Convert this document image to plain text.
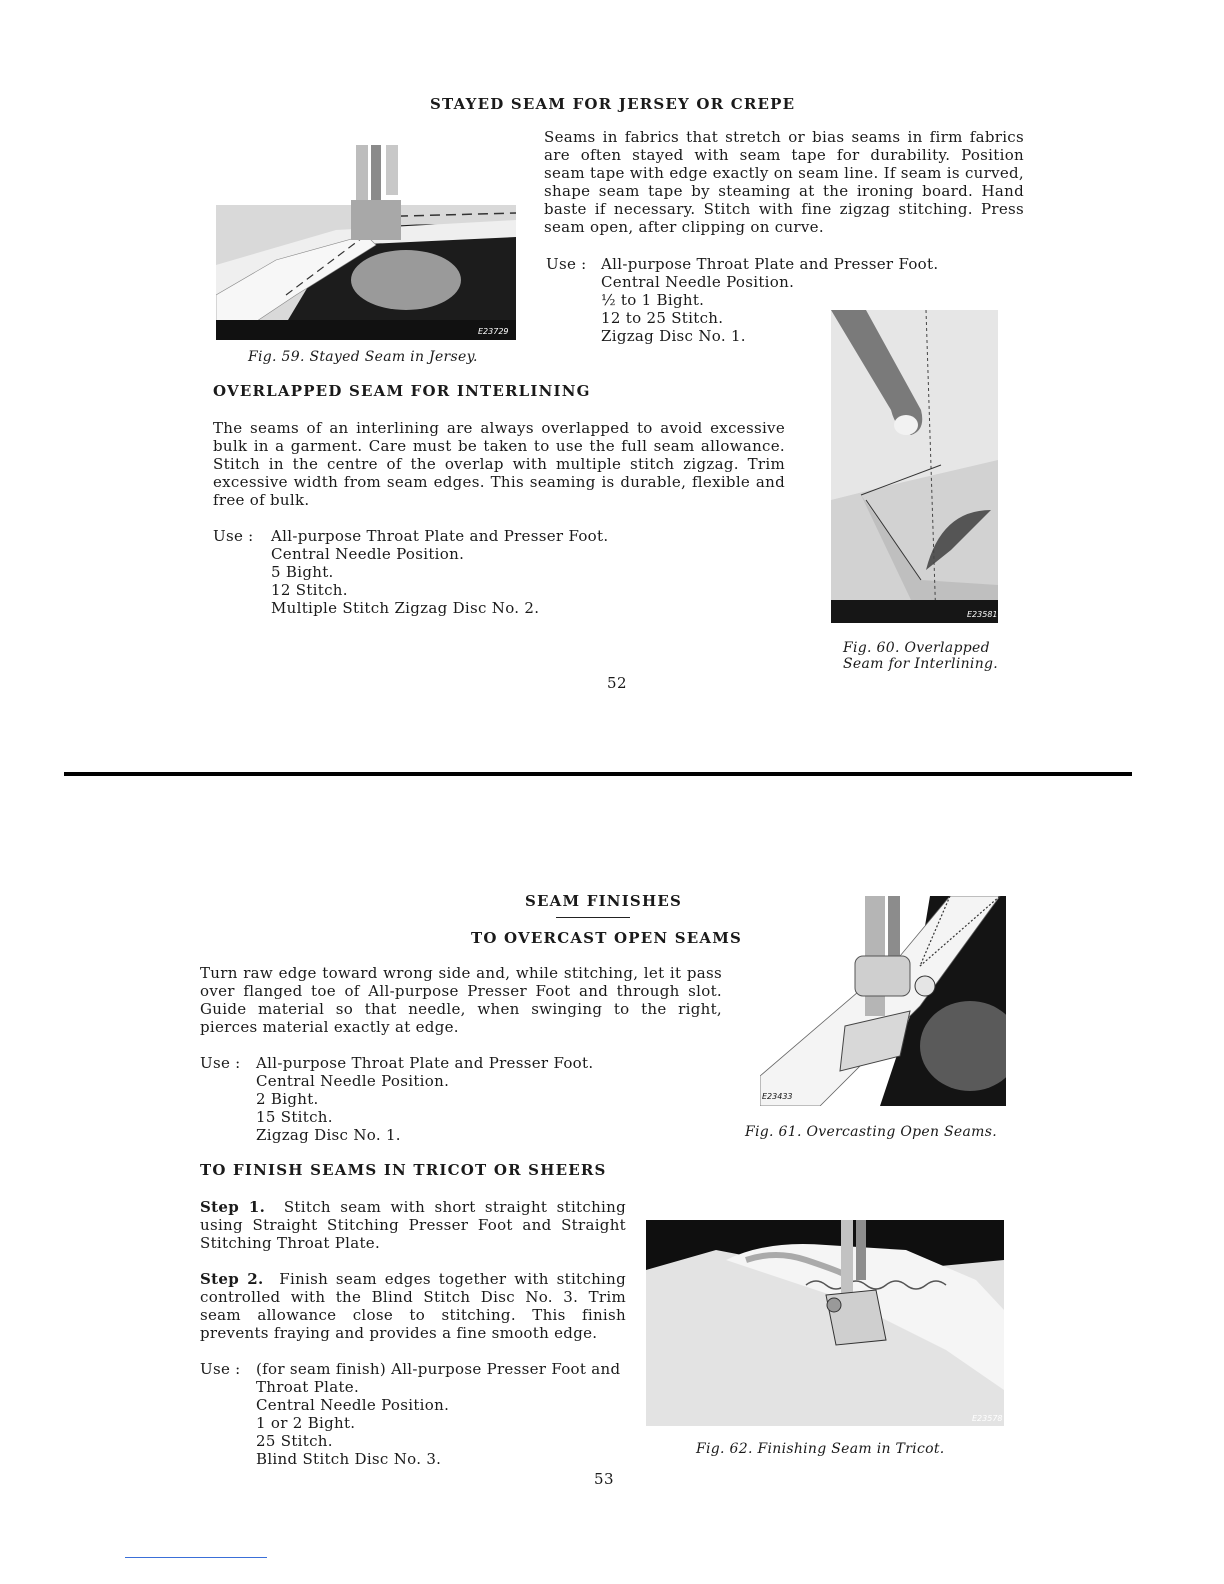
STAYED SEAM FOR JERSEY OR CREPE
E23729
Fig. 59. Stayed Seam in Jersey.
Seams in fabrics that stretch or bias seams in firm fabrics are often stayed with seam tape for durability. Position seam tape with edge exactly on seam line. If seam is curved, shape seam tape by steaming at the ironing board. Hand baste if necessary. Stitch with fine zigzag stitching. Press seam open, after clipping on curve.
Use : All-purpose Throat Plate and Presser Foot.
Central Needle Position.
½ to 1 Bight.
12 to 25 Stitch.
Zigzag Disc No. 1.
OVERLAPPED SEAM FOR INTERLINING
The seams of an interlining are always overlapped to avoid excessive bulk in a garment. Care must be taken to use the full seam allowance. Stitch in the centre of the overlap with multiple stitch zigzag. Trim excessive width from seam edges. This seaming is durable, flexible and free of bulk.
Use : All-purpose Throat Plate and Presser Foot.
Central Needle Position.
5 Bight.
12 Stitch.
Multiple Stitch Zigzag Disc No. 2.	E23581
Fig. 60. Overlapped
Seam for Interlining.
52
SEAM FINISHES
TO OVERCAST OPEN SEAMS
Turn raw edge toward wrong side and, while stitching, let it pass over flanged toe of All-purpose Presser Foot and through slot. Guide material so that needle, when swinging to the right, pierces material exactly at edge.
Use : All-purpose Throat Plate and Presser Foot.
Central Needle Position.
2 Bight.
15 Stitch.
Zigzag Disc No. 1.
E23433
Fig. 61. Overcasting Open Seams.
TO FINISH SEAMS IN TRICOT OR SHEERS
Step 1. Stitch seam with short straight stitching using Straight Stitching Presser Foot and Straight Stitching Throat Plate.
Step 2. Finish seam edges together with stitching controlled with the Blind Stitch Disc No. 3. Trim seam allowance close to stitching. This finish prevents fraying and provides a fine smooth edge.
Use : (for seam finish) All-purpose Presser Foot and
Throat Plate.
Central Needle Position.
1 or 2 Bight.
25 Stitch.
Blind Stitch Disc No. 3.
E23578
Fig. 62. Finishing Seam in Tricot.
53
